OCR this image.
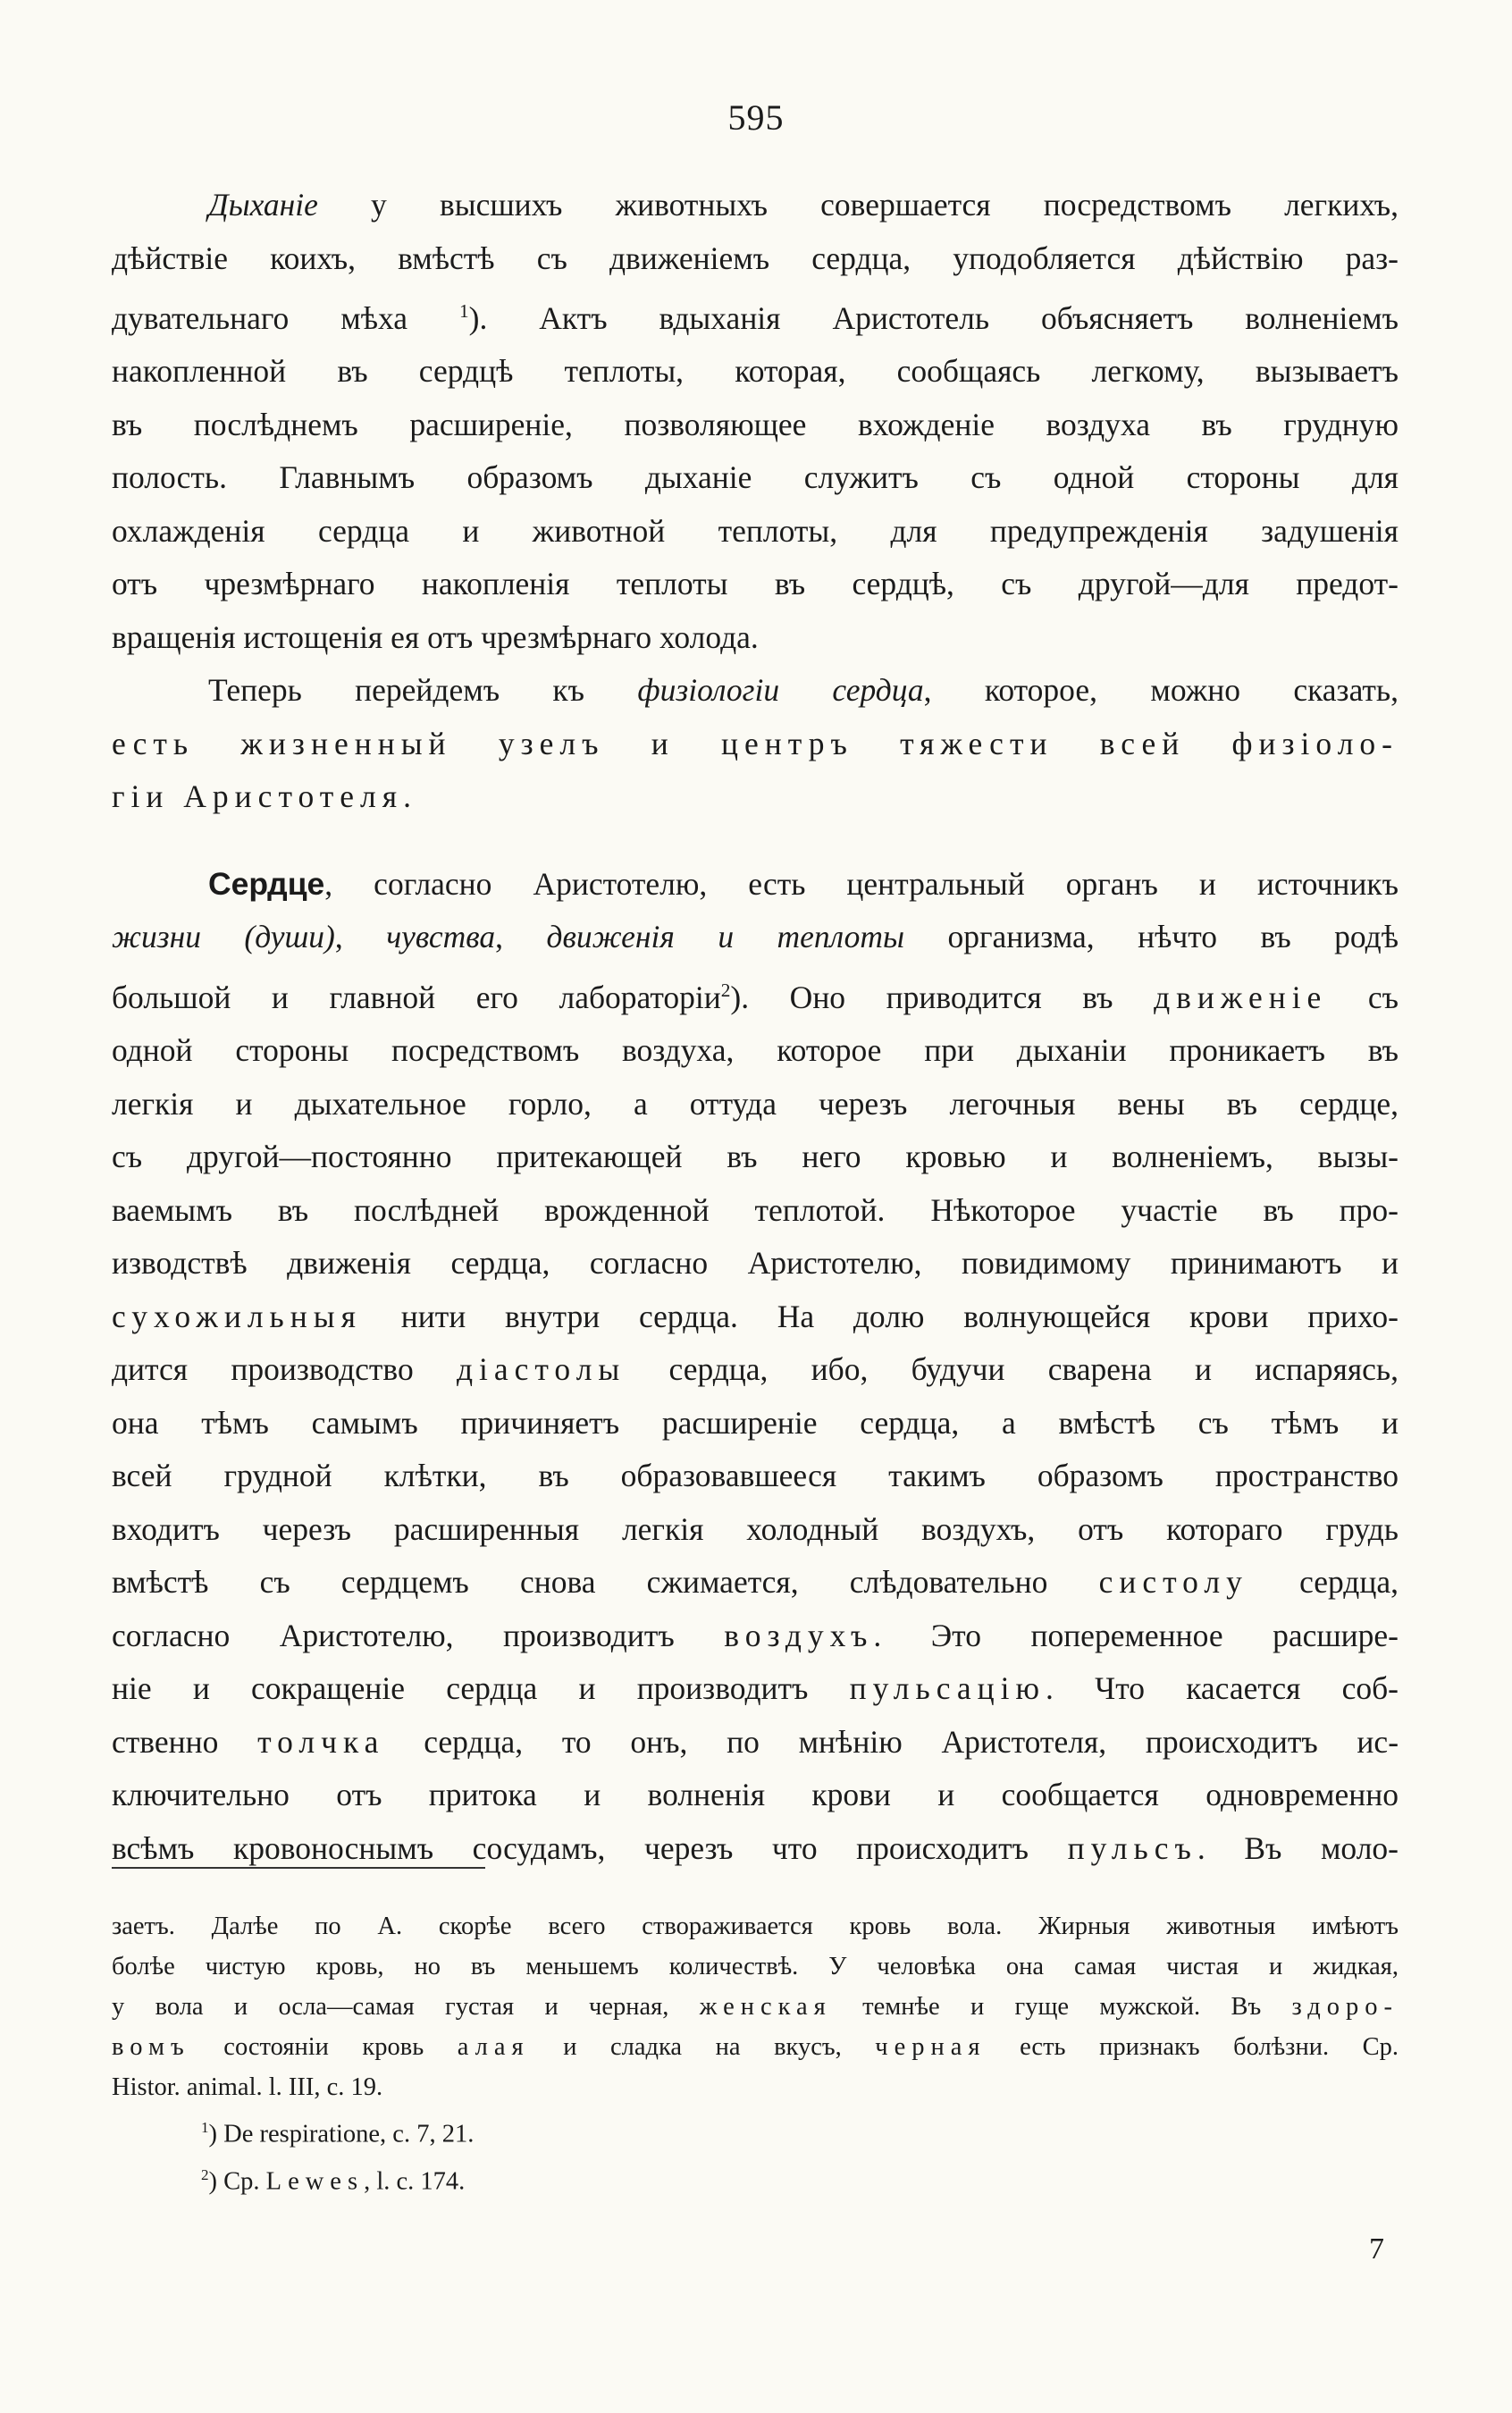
595
Дыханіе у высшихъ животныхъ совершается посредствомъ легкихъ,
дѣйствіе коихъ, вмѣстѣ съ движеніемъ сердца, уподобляется дѣйствію раз-
дувательнаго мѣха $^1$). Актъ вдыханія Аристотель объясняетъ волненіемъ
накопленной въ сердцѣ теплоты, которая, сообщаясь легкому, вызываетъ
въ послѣднемъ расширеніе, позволяющее вхожденіе воздуха въ грудную
полость. Главнымъ образомъ дыханіе служитъ съ одной стороны для
охлажденія сердца и животной теплоты, для предупрежденія задушенія
отъ чрезмѣрнаго накопленія теплоты въ сердцѣ, съ другой—для предот-
вращенія истощенія ея отъ чрезмѣрнаго холода.
Теперь перейдемъ къ физіологіи сердца, которое, можно сказать,
есть жизненный узелъ и центръ тяжести всей физіоло-
гіи Аристотеля.
Сердце, согласно Аристотелю, есть центральный органъ и источникъ
жизни (души), чувства, движенія и теплоты организма, нѣчто въ родѣ
большой и главной его лабораторіи$^2$). Оно приводится въ движеніе съ
одной стороны посредствомъ воздуха, которое при дыханіи проникаетъ въ
легкія и дыхательное горло, а оттуда черезъ легочныя вены въ сердце,
съ другой—постоянно притекающей въ него кровью и волненіемъ, вызы-
ваемымъ въ послѣдней врожденной теплотой. Нѣкоторое участіе въ про-
изводствѣ движенія сердца, согласно Аристотелю, повидимому принимаютъ и
сухожильныя нити внутри сердца. На долю волнующейся крови прихо-
дится производство діастолы сердца, ибо, будучи сварена и испаряясь,
она тѣмъ самымъ причиняетъ расширеніе сердца, а вмѣстѣ съ тѣмъ и
всей грудной клѣтки, въ образовавшееся такимъ образомъ пространство
входитъ черезъ расширенныя легкія холодный воздухъ, отъ котораго грудь
вмѣстѣ съ сердцемъ снова сжимается, слѣдовательно систолу сердца,
согласно Аристотелю, производитъ воздухъ. Это попеременное расшире-
ніе и сокращеніе сердца и производитъ пульсацію. Что касается соб-
ственно толчка сердца, то онъ, по мнѣнію Аристотеля, происходитъ ис-
ключительно отъ притока и волненія крови и сообщается одновременно
всѣмъ кровоноснымъ сосудамъ, черезъ что происходитъ пульсъ. Въ моло-
заетъ. Далѣе по А. скорѣе всего створаживается кровь вола. Жирныя животныя имѣютъ
болѣе чистую кровь, но въ меньшемъ количествѣ. У человѣка она самая чистая и жидкая,
у вола и осла—самая густая и черная, женская темнѣе и гуще мужской. Въ здоро-
вомъ состояніи кровь алая и сладка на вкусъ, черная есть признакъ болѣзни. Ср.
Histor. animal. l. III, c. 19.
$^1$) De respiratione, c. 7, 21.
$^2$) Ср. Lewes, l. c. 174.
7
